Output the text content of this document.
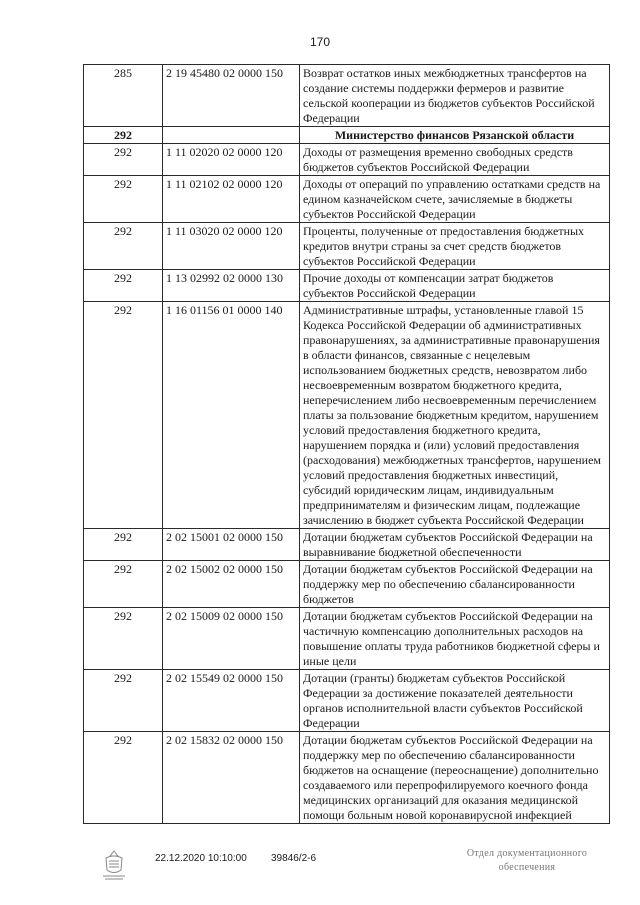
170
285	2 19 45480 02 0000 150	Возврат остатков иных межбюджетных трансфертов на создание системы поддержки фермеров и развитие сельской кооперации из бюджетов субъектов Российской Федерации
292		Министерство финансов Рязанской области
292	1 11 02020 02 0000 120	Доходы от размещения временно свободных средств бюджетов субъектов Российской Федерации
292	1 11 02102 02 0000 120	Доходы от операций по управлению остатками средств на едином казначейском счете, зачисляемые в бюджеты субъектов Российской Федерации
292	1 11 03020 02 0000 120	Проценты, полученные от предоставления бюджетных кредитов внутри страны за счет средств бюджетов субъектов Российской Федерации
292	1 13 02992 02 0000 130	Прочие доходы от компенсации затрат бюджетов субъектов Российской Федерации
292	1 16 01156 01 0000 140	Административные штрафы, установленные главой 15 Кодекса Российской Федерации об административных правонарушениях, за административные правонарушения в области финансов, связанные с нецелевым использованием бюджетных средств, невозвратом либо несвоевременным возвратом бюджетного кредита, неперечислением либо несвоевременным перечислением платы за пользование бюджетным кредитом, нарушением условий предоставления бюджетного кредита, нарушением порядка и (или) условий предоставления (расходования) межбюджетных трансфертов, нарушением условий предоставления бюджетных инвестиций, субсидий юридическим лицам, индивидуальным предпринимателям и физическим лицам, подлежащие зачислению в бюджет субъекта Российской Федерации
292	2 02 15001 02 0000 150	Дотации бюджетам субъектов Российской Федерации на выравнивание бюджетной обеспеченности
292	2 02 15002 02 0000 150	Дотации бюджетам субъектов Российской Федерации на поддержку мер по обеспечению сбалансированности бюджетов
292	2 02 15009 02 0000 150	Дотации бюджетам субъектов Российской Федерации на частичную компенсацию дополнительных расходов на повышение оплаты труда работников бюджетной сферы и иные цели
292	2 02 15549 02 0000 150	Дотации (гранты) бюджетам субъектов Российской Федерации за достижение показателей деятельности органов исполнительной власти субъектов Российской Федерации
292	2 02 15832 02 0000 150	Дотации бюджетам субъектов Российской Федерации на поддержку мер по обеспечению сбалансированности бюджетов на оснащение (переоснащение) дополнительно создаваемого или перепрофилируемого коечного фонда медицинских организаций для оказания медицинской помощи больным новой коронавирусной инфекцией
22.12.2020 10:10:00 39846/2-6	Отдел документационного
обеспечения
